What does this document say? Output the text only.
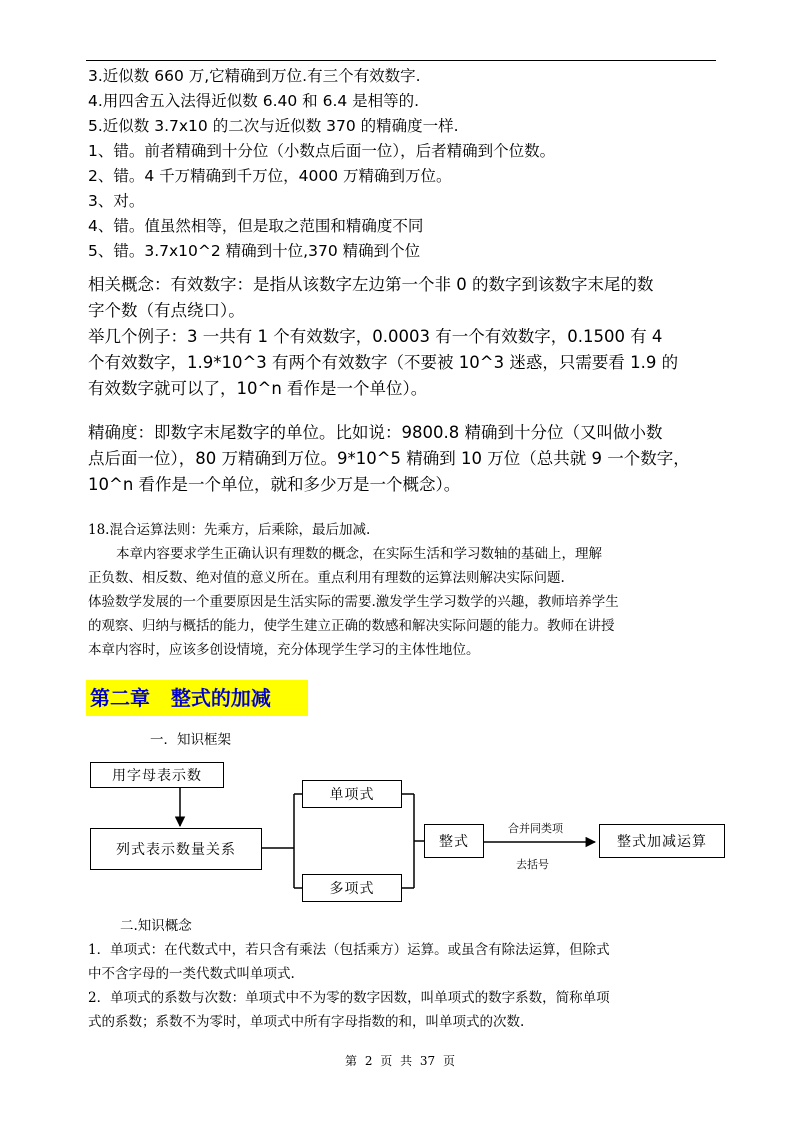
3.近似数 660 万,它精确到万位.有三个有效数字.
4.用四舍五入法得近似数 6.40 和 6.4 是相等的.
5.近似数 3.7x10 的二次与近似数 370 的精确度一样.
1、错。前者精确到十分位（小数点后面一位），后者精确到个位数。
2、错。4 千万精确到千万位，4000 万精确到万位。
3、对。
4、错。值虽然相等，但是取之范围和精确度不同
5、错。3.7x10^2 精确到十位,370 精确到个位
相关概念：有效数字：是指从该数字左边第一个非 0 的数字到该数字末尾的数
字个数（有点绕口）。
举几个例子：3 一共有 1 个有效数字，0.0003 有一个有效数字，0.1500 有 4
个有效数字，1.9*10^3 有两个有效数字（不要被 10^3 迷惑，只需要看 1.9 的
有效数字就可以了，10^n 看作是一个单位）。
精确度：即数字末尾数字的单位。比如说：9800.8 精确到十分位（又叫做小数
点后面一位），80 万精确到万位。9*10^5 精确到 10 万位（总共就 9 一个数字，
10^n 看作是一个单位，就和多少万是一个概念）。
18.混合运算法则：先乘方，后乘除，最后加减.
本章内容要求学生正确认识有理数的概念，在实际生活和学习数轴的基础上，理解
正负数、相反数、绝对值的意义所在。重点利用有理数的运算法则解决实际问题.
体验数学发展的一个重要原因是生活实际的需要.激发学生学习数学的兴趣，教师培养学生
的观察、归纳与概括的能力，使学生建立正确的数感和解决实际问题的能力。教师在讲授
本章内容时，应该多创设情境，充分体现学生学习的主体性地位。
第二章   整式的加减
一．知识框架
用字母表示数
列式表示数量关系
单项式
多项式
整式	整式加减运算
合并同类项
去括号
二.知识概念
1．单项式：在代数式中，若只含有乘法（包括乘方）运算。或虽含有除法运算，但除式
中不含字母的一类代数式叫单项式.
2．单项式的系数与次数：单项式中不为零的数字因数，叫单项式的数字系数，简称单项
式的系数；系数不为零时，单项式中所有字母指数的和，叫单项式的次数.
第 2 页 共 37 页
